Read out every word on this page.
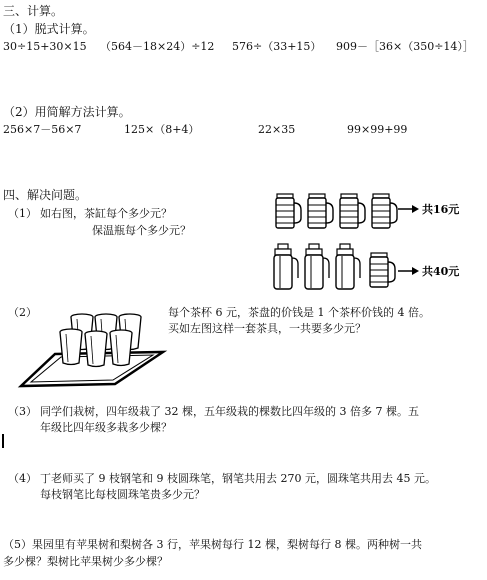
三、计算。
（1）脱式计算。
30÷15+30×15 （564－18×24）÷12 576÷（33+15） 909－［36×（350÷14）］
（2）用简解方法计算。
256×7－56×7	125×（8+4）	22×35	99×99+99
四、解决问题。
（1） 如右图，茶缸每个多少元？
保温瓶每个多少元？
共16元
共40元
（2）	每个茶杯 6 元，茶盘的价钱是 1 个茶杯价钱的 4 倍。
买如左图这样一套茶具，一共要多少元？
（3） 同学们栽树，四年级栽了 32 棵，五年级栽的棵数比四年级的 3 倍多 7 棵。五
年级比四年级多栽多少棵？
（4） 丁老师买了 9 枝钢笔和 9 枝圆珠笔，钢笔共用去 270 元，圆珠笔共用去 45 元。
每枝钢笔比每枝圆珠笔贵多少元？
（5）果园里有苹果树和梨树各 3 行，苹果树每行 12 棵，梨树每行 8 棵。两种树一共
多少棵？梨树比苹果树少多少棵？
